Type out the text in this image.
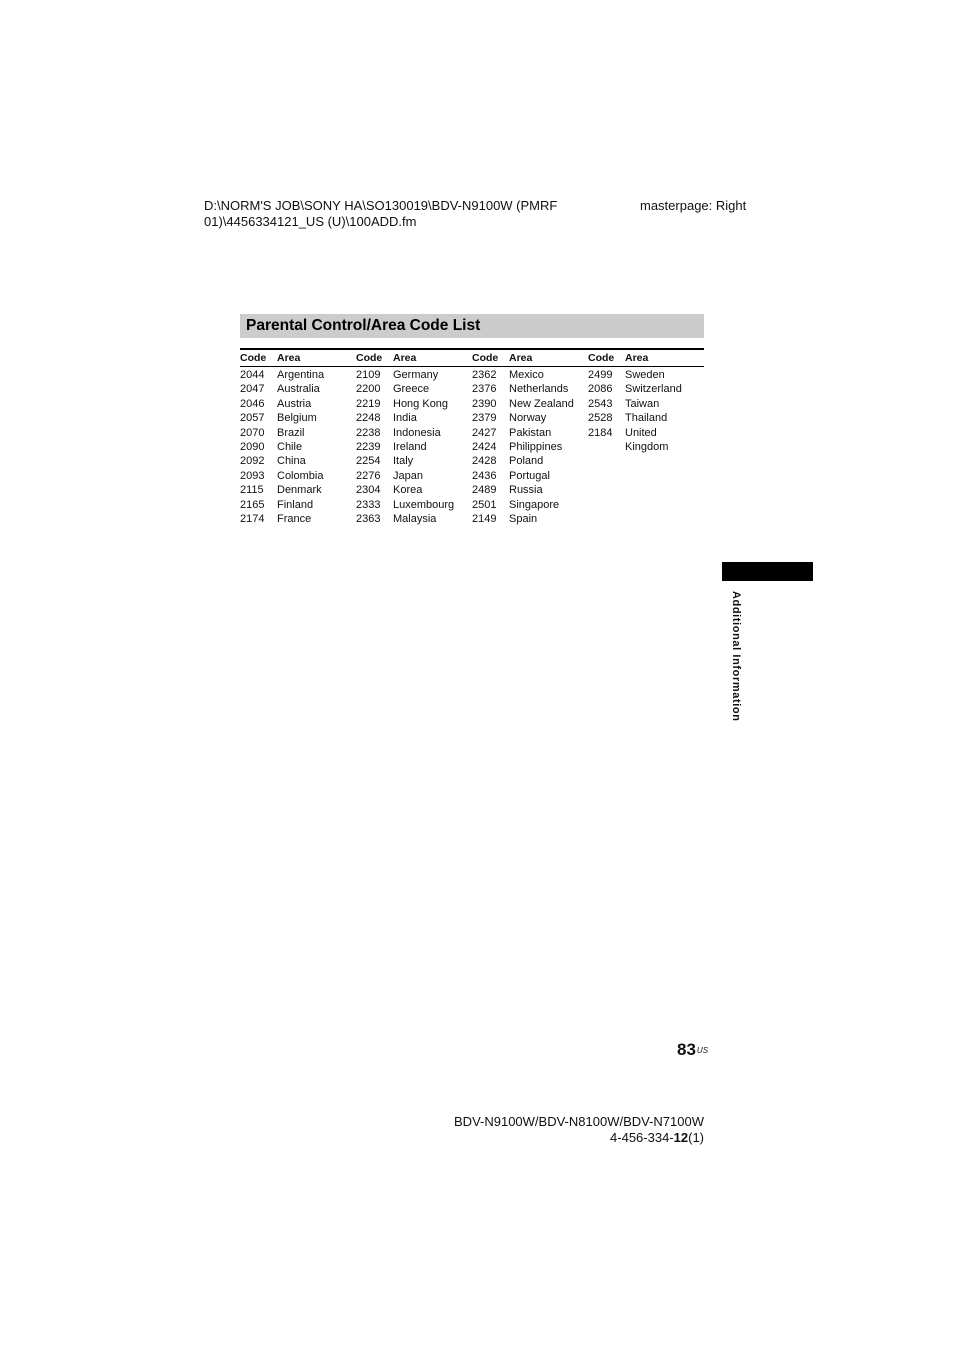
D:\NORM'S JOB\SONY HA\SO130019\BDV-N9100W (PMRF
01)\4456334121_US (U)\100ADD.fm
masterpage: Right
Parental Control/Area Code List
Code Area
2044 Argentina
2047 Australia
2046 Austria
2057 Belgium
2070 Brazil
2090 Chile
2092 China
2093 Colombia
2115 Denmark
2165 Finland
2174 France
Code Area
2109 Germany
2200 Greece
2219 Hong Kong
2248 India
2238 Indonesia
2239 Ireland
2254 Italy
2276 Japan
2304 Korea
2333 Luxembourg
2363 Malaysia
Code Area
2362 Mexico
2376 Netherlands
2390 New Zealand
2379 Norway
2427 Pakistan
2424 Philippines
2428 Poland
2436 Portugal
2489 Russia
2501 Singapore
2149 Spain
Code Area
2499 Sweden
2086 Switzerland
2543 Taiwan
2528 Thailand
2184 United
Kingdom
Additional Information
$83^{US}$
BDV-N9100W/BDV-N8100W/BDV-N7100W
4-456-334-12(1)
